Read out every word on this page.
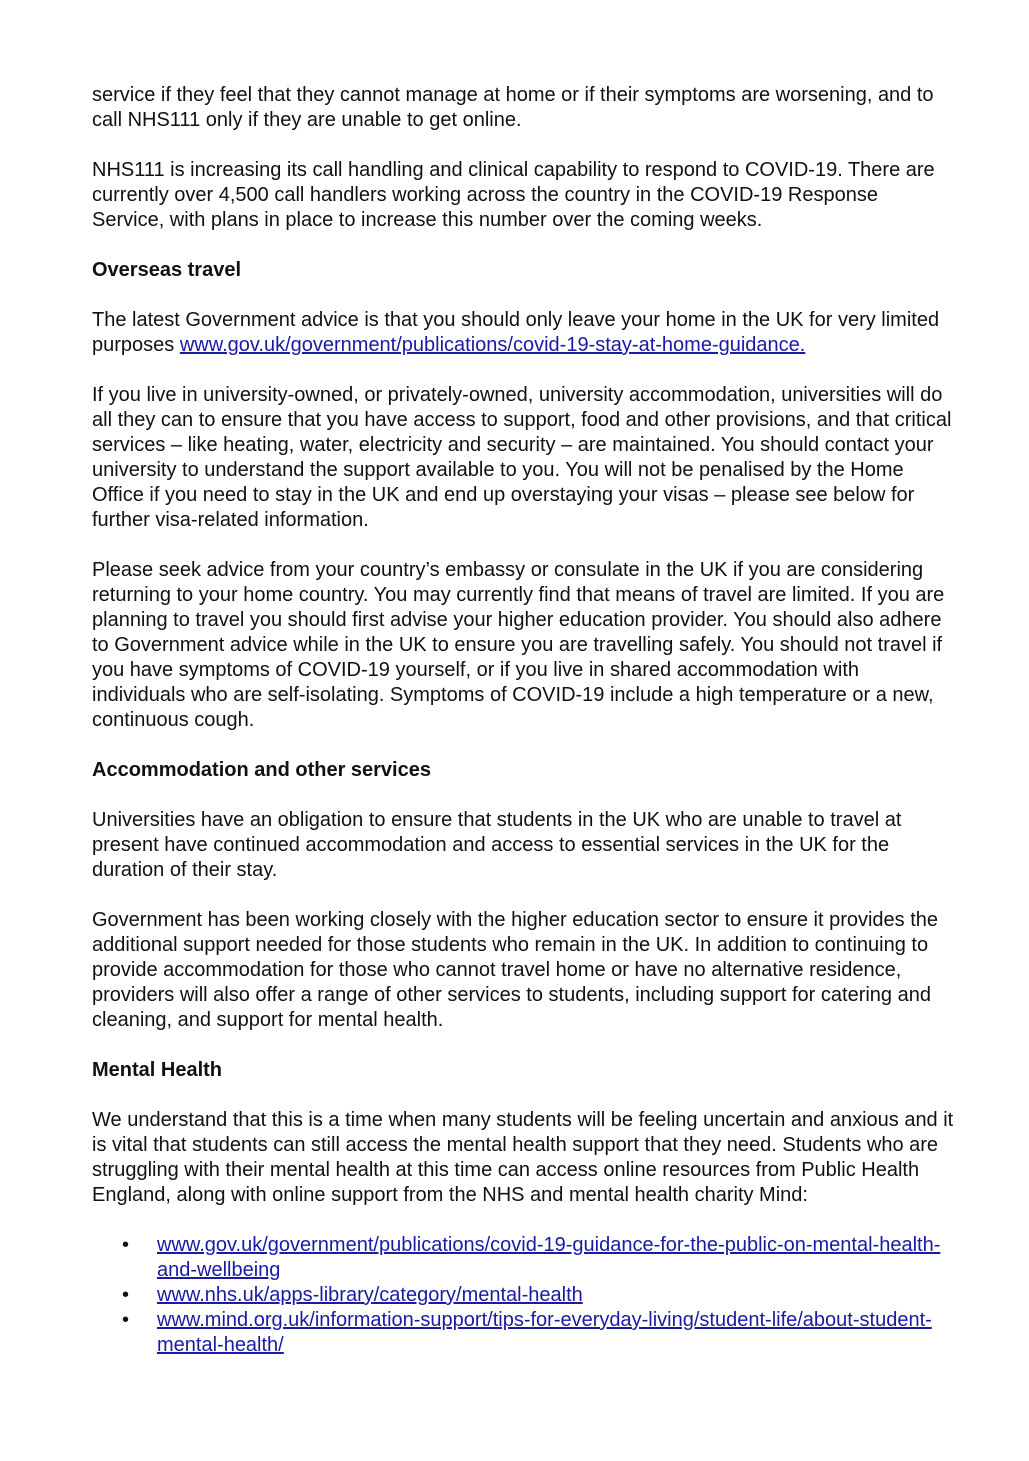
service if they feel that they cannot manage at home or if their symptoms are worsening, and to call NHS111 only if they are unable to get online.

NHS111 is increasing its call handling and clinical capability to respond to COVID-19. There are currently over 4,500 call handlers working across the country in the COVID-19 Response Service, with plans in place to increase this number over the coming weeks.

Overseas travel

The latest Government advice is that you should only leave your home in the UK for very limited purposes www.gov.uk/government/publications/covid-19-stay-at-home-guidance.

If you live in university-owned, or privately-owned, university accommodation, universities will do all they can to ensure that you have access to support, food and other provisions, and that critical services – like heating, water, electricity and security – are maintained. You should contact your university to understand the support available to you. You will not be penalised by the Home Office if you need to stay in the UK and end up overstaying your visas – please see below for further visa-related information.

Please seek advice from your country’s embassy or consulate in the UK if you are considering returning to your home country. You may currently find that means of travel are limited. If you are planning to travel you should first advise your higher education provider. You should also adhere to Government advice while in the UK to ensure you are travelling safely. You should not travel if you have symptoms of COVID-19 yourself, or if you live in shared accommodation with individuals who are self-isolating. Symptoms of COVID-19 include a high temperature or a new, continuous cough.

Accommodation and other services

Universities have an obligation to ensure that students in the UK who are unable to travel at present have continued accommodation and access to essential services in the UK for the duration of their stay.

Government has been working closely with the higher education sector to ensure it provides the additional support needed for those students who remain in the UK. In addition to continuing to provide accommodation for those who cannot travel home or have no alternative residence, providers will also offer a range of other services to students, including support for catering and cleaning, and support for mental health.

Mental Health

We understand that this is a time when many students will be feeling uncertain and anxious and it is vital that students can still access the mental health support that they need. Students who are struggling with their mental health at this time can access online resources from Public Health England, along with online support from the NHS and mental health charity Mind:

• www.gov.uk/government/publications/covid-19-guidance-for-the-public-on-mental-health-and-wellbeing
• www.nhs.uk/apps-library/category/mental-health
• www.mind.org.uk/information-support/tips-for-everyday-living/student-life/about-student-mental-health/
